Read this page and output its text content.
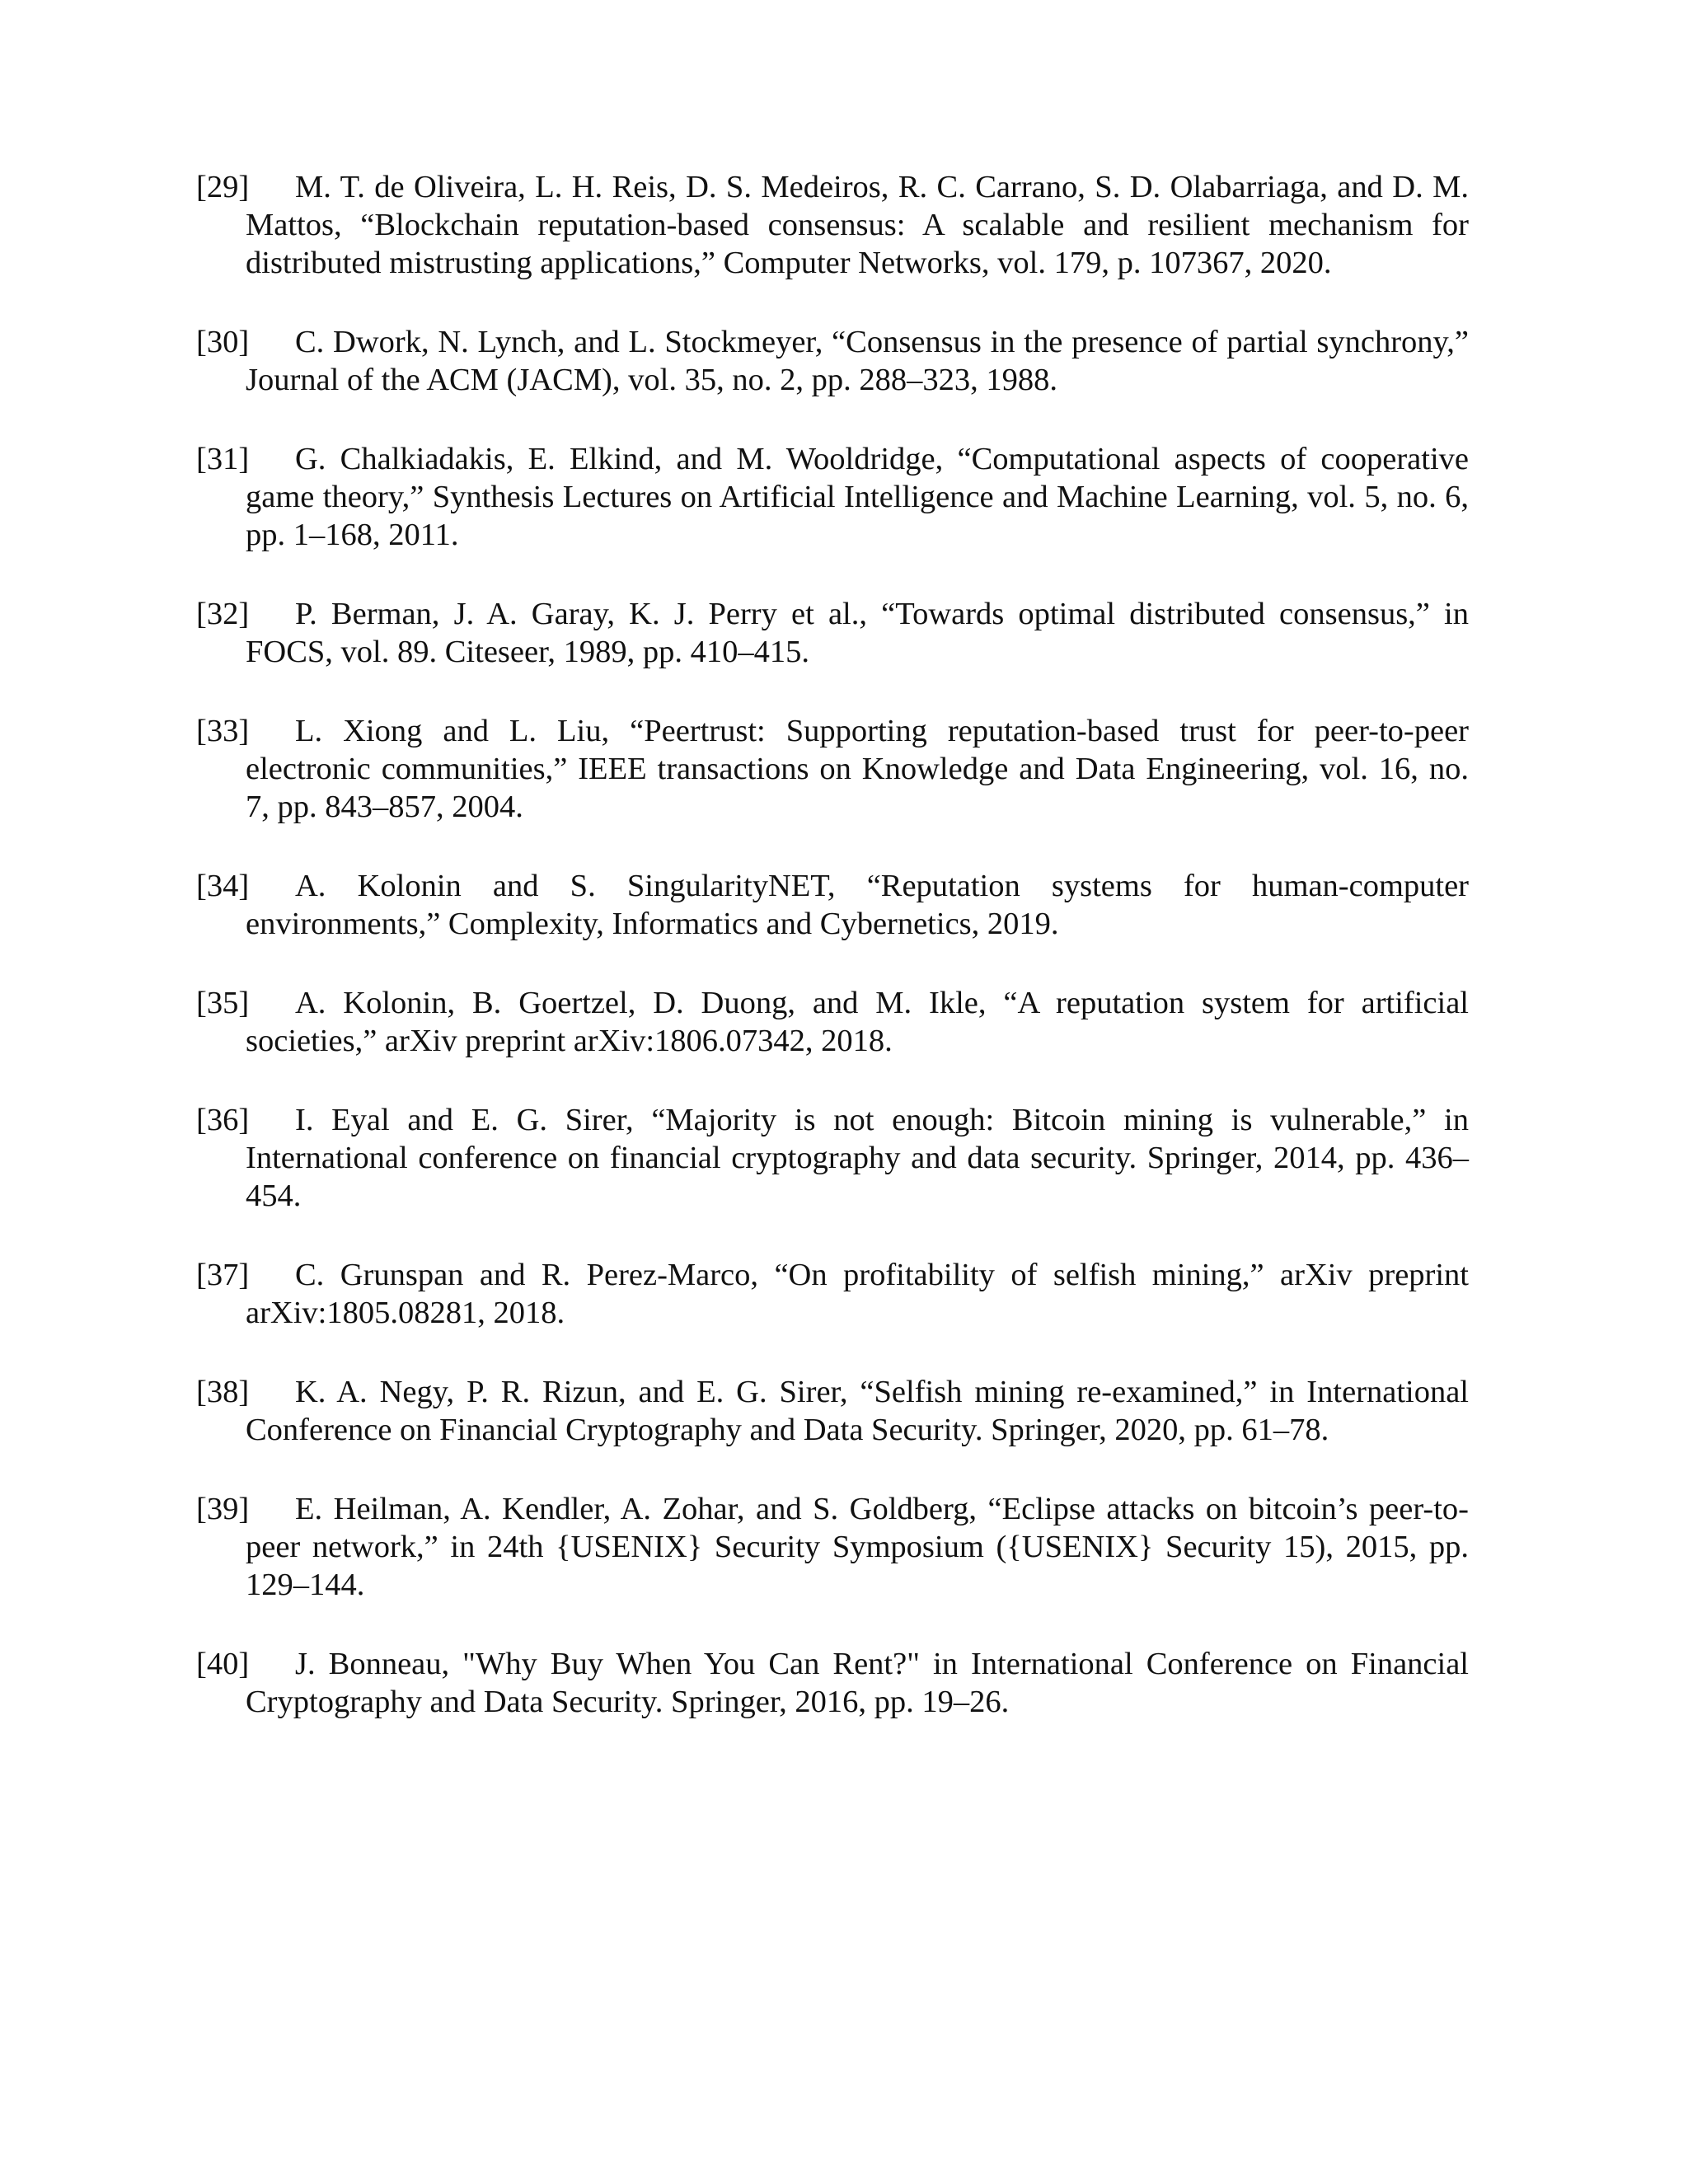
[29] M. T. de Oliveira, L. H. Reis, D. S. Medeiros, R. C. Carrano, S. D. Olabarriaga, and D. M. Mattos, “Blockchain reputation-based consensus: A scalable and resilient mechanism for distributed mistrusting applications,” Computer Networks, vol. 179, p. 107367, 2020.

[30] C. Dwork, N. Lynch, and L. Stockmeyer, “Consensus in the presence of partial synchrony,” Journal of the ACM (JACM), vol. 35, no. 2, pp. 288–323, 1988.

[31] G. Chalkiadakis, E. Elkind, and M. Wooldridge, “Computational aspects of cooperative game theory,” Synthesis Lectures on Artificial Intelligence and Machine Learning, vol. 5, no. 6, pp. 1–168, 2011.

[32] P. Berman, J. A. Garay, K. J. Perry et al., “Towards optimal distributed consensus,” in FOCS, vol. 89. Citeseer, 1989, pp. 410–415.

[33] L. Xiong and L. Liu, “Peertrust: Supporting reputation-based trust for peer-to-peer electronic communities,” IEEE transactions on Knowledge and Data Engineering, vol. 16, no. 7, pp. 843–857, 2004.

[34] A. Kolonin and S. SingularityNET, “Reputation systems for human-computer environments,” Complexity, Informatics and Cybernetics, 2019.

[35] A. Kolonin, B. Goertzel, D. Duong, and M. Ikle, “A reputation system for artificial societies,” arXiv preprint arXiv:1806.07342, 2018.

[36] I. Eyal and E. G. Sirer, “Majority is not enough: Bitcoin mining is vulnerable,” in International conference on financial cryptography and data security. Springer, 2014, pp. 436–454.

[37] C. Grunspan and R. Perez-Marco, “On profitability of selfish mining,” arXiv preprint arXiv:1805.08281, 2018.

[38] K. A. Negy, P. R. Rizun, and E. G. Sirer, “Selfish mining re-examined,” in International Conference on Financial Cryptography and Data Security. Springer, 2020, pp. 61–78.

[39] E. Heilman, A. Kendler, A. Zohar, and S. Goldberg, “Eclipse attacks on bitcoin’s peer-to-peer network,” in 24th {USENIX} Security Symposium ({USENIX} Security 15), 2015, pp. 129–144.

[40] J. Bonneau, "Why Buy When You Can Rent?" in International Conference on Financial Cryptography and Data Security. Springer, 2016, pp. 19–26.
